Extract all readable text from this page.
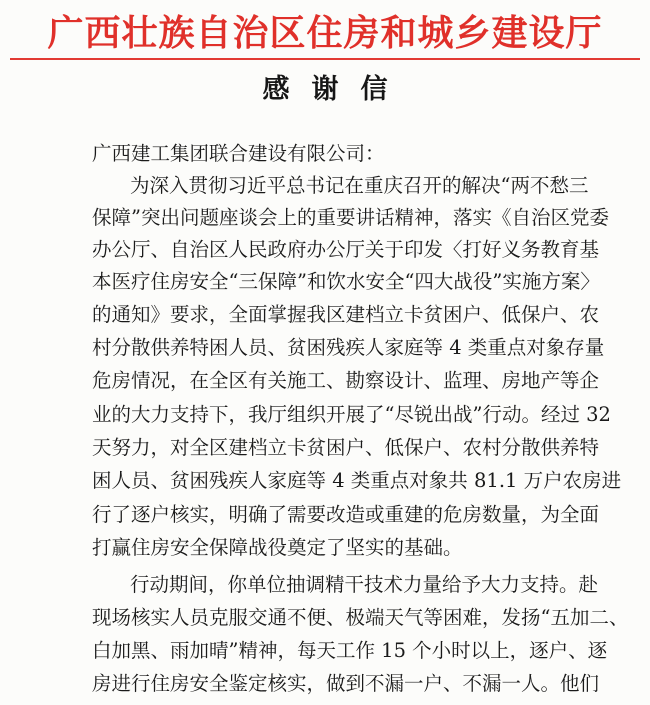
广西壮族自治区住房和城乡建设厅
感谢信
广西建工集团联合建设有限公司：
为深入贯彻习近平总书记在重庆召开的解决“两不愁三
保障”突出问题座谈会上的重要讲话精神，落实《自治区党委
办公厅、自治区人民政府办公厅关于印发〈打好义务教育基
本医疗住房安全“三保障”和饮水安全“四大战役”实施方案〉
的通知》要求，全面掌握我区建档立卡贫困户、低保户、农
村分散供养特困人员、贫困残疾人家庭等 4 类重点对象存量
危房情况，在全区有关施工、勘察设计、监理、房地产等企
业的大力支持下，我厅组织开展了“尽锐出战”行动。经过 32
天努力，对全区建档立卡贫困户、低保户、农村分散供养特
困人员、贫困残疾人家庭等 4 类重点对象共 81.1 万户农房进
行了逐户核实，明确了需要改造或重建的危房数量，为全面
打赢住房安全保障战役奠定了坚实的基础。
行动期间，你单位抽调精干技术力量给予大力支持。赴
现场核实人员克服交通不便、极端天气等困难，发扬“五加二、
白加黑、雨加晴”精神，每天工作 15 个小时以上，逐户、逐
房进行住房安全鉴定核实，做到不漏一户、不漏一人。他们
